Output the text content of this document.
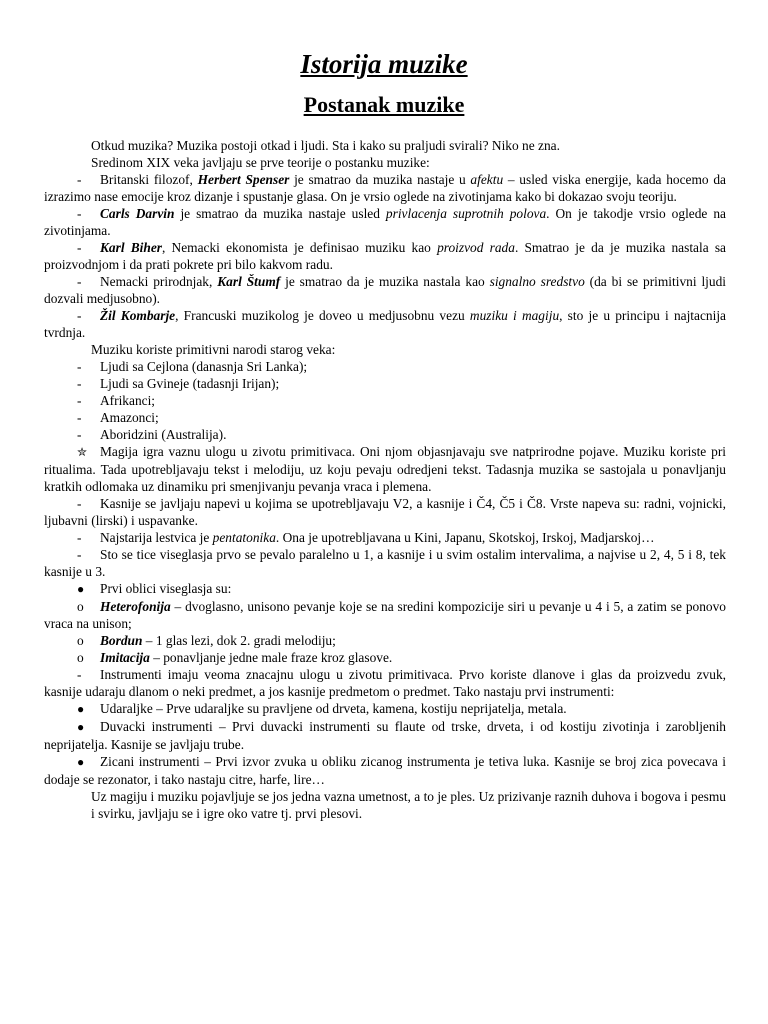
Istorija muzike
Postanak muzike

Otkud muzika? Muzika postoji otkad i ljudi. Sta i kako su praljudi svirali? Niko ne zna.

Sredinom XIX veka javljaju se prve teorije o postanku muzike:

- Britanski filozof, Herbert Spenser je smatrao da muzika nastaje u afektu – usled viska energije, kada hocemo da izrazimo nase emocije kroz dizanje i spustanje glasa. On je vrsio oglede na zivotinjama kako bi dokazao svoju teoriju.

- Carls Darvin je smatrao da muzika nastaje usled privlacenja suprotnih polova. On je takodje vrsio oglede na zivotinjama.

- Karl Biher, Nemacki ekonomista je definisao muziku kao proizvod rada. Smatrao je da je muzika nastala sa proizvodnjom i da prati pokrete pri bilo kakvom radu.

- Nemacki prirodnjak, Karl Štumf je smatrao da je muzika nastala kao signalno sredstvo (da bi se primitivni ljudi dozvali medjusobno).

- Žil Kombarje, Francuski muzikolog je doveo u medjusobnu vezu muziku i magiju, sto je u principu i najtacnija tvrdnja.

Muziku koriste primitivni narodi starog veka:

- Ljudi sa Cejlona (danasnja Sri Lanka);

- Ljudi sa Gvineje (tadasnji Irijan);

- Afrikanci;

- Amazonci;

- Aboridzini (Australija).

✮ Magija igra vaznu ulogu u zivotu primitivaca. Oni njom objasnjavaju sve natprirodne pojave. Muziku koriste pri ritualima. Tada upotrebljavaju tekst i melodiju, uz koju pevaju odredjeni tekst. Tadasnja muzika se sastojala u ponavljanju kratkih odlomaka uz dinamiku pri smenjivanju pevanja vraca i plemena.

- Kasnije se javljaju napevi u kojima se upotrebljavaju V2, a kasnije i Č4, Č5 i Č8. Vrste napeva su: radni, vojnicki, ljubavni (lirski) i uspavanke.

- Najstarija lestvica je pentatonika. Ona je upotrebljavana u Kini, Japanu, Skotskoj, Irskoj, Madjarskoj…

- Sto se tice viseglasja prvo se pevalo paralelno u 1, a kasnije i u svim ostalim intervalima, a najvise u 2, 4, 5 i 8, tek kasnije u 3.

● Prvi oblici viseglasja su:

o Heterofonija – dvoglasno, unisono pevanje koje se na sredini kompozicije siri u pevanje u 4 i 5, a zatim se ponovo vraca na unison;

o Bordun – 1 glas lezi, dok 2. gradi melodiju;

o Imitacija – ponavljanje jedne male fraze kroz glasove.

- Instrumenti imaju veoma znacajnu ulogu u zivotu primitivaca. Prvo koriste dlanove i glas da proizvedu zvuk, kasnije udaraju dlanom o neki predmet, a jos kasnije predmetom o predmet. Tako nastaju prvi instrumenti:

● Udaraljke – Prve udaraljke su pravljene od drveta, kamena, kostiju neprijatelja, metala.

● Duvacki instrumenti – Prvi duvacki instrumenti su flaute od trske, drveta, i od kostiju zivotinja i zarobljenih neprijatelja. Kasnije se javljaju trube.

● Zicani instrumenti – Prvi izvor zvuka u obliku zicanog instrumenta je tetiva luka. Kasnije se broj zica povecava i dodaje se rezonator, i tako nastaju citre, harfe, lire…

Uz magiju i muziku pojavljuje se jos jedna vazna umetnost, a to je ples. Uz prizivanje raznih duhova i bogova i pesmu i svirku, javljaju se i igre oko vatre tj. prvi plesovi.
